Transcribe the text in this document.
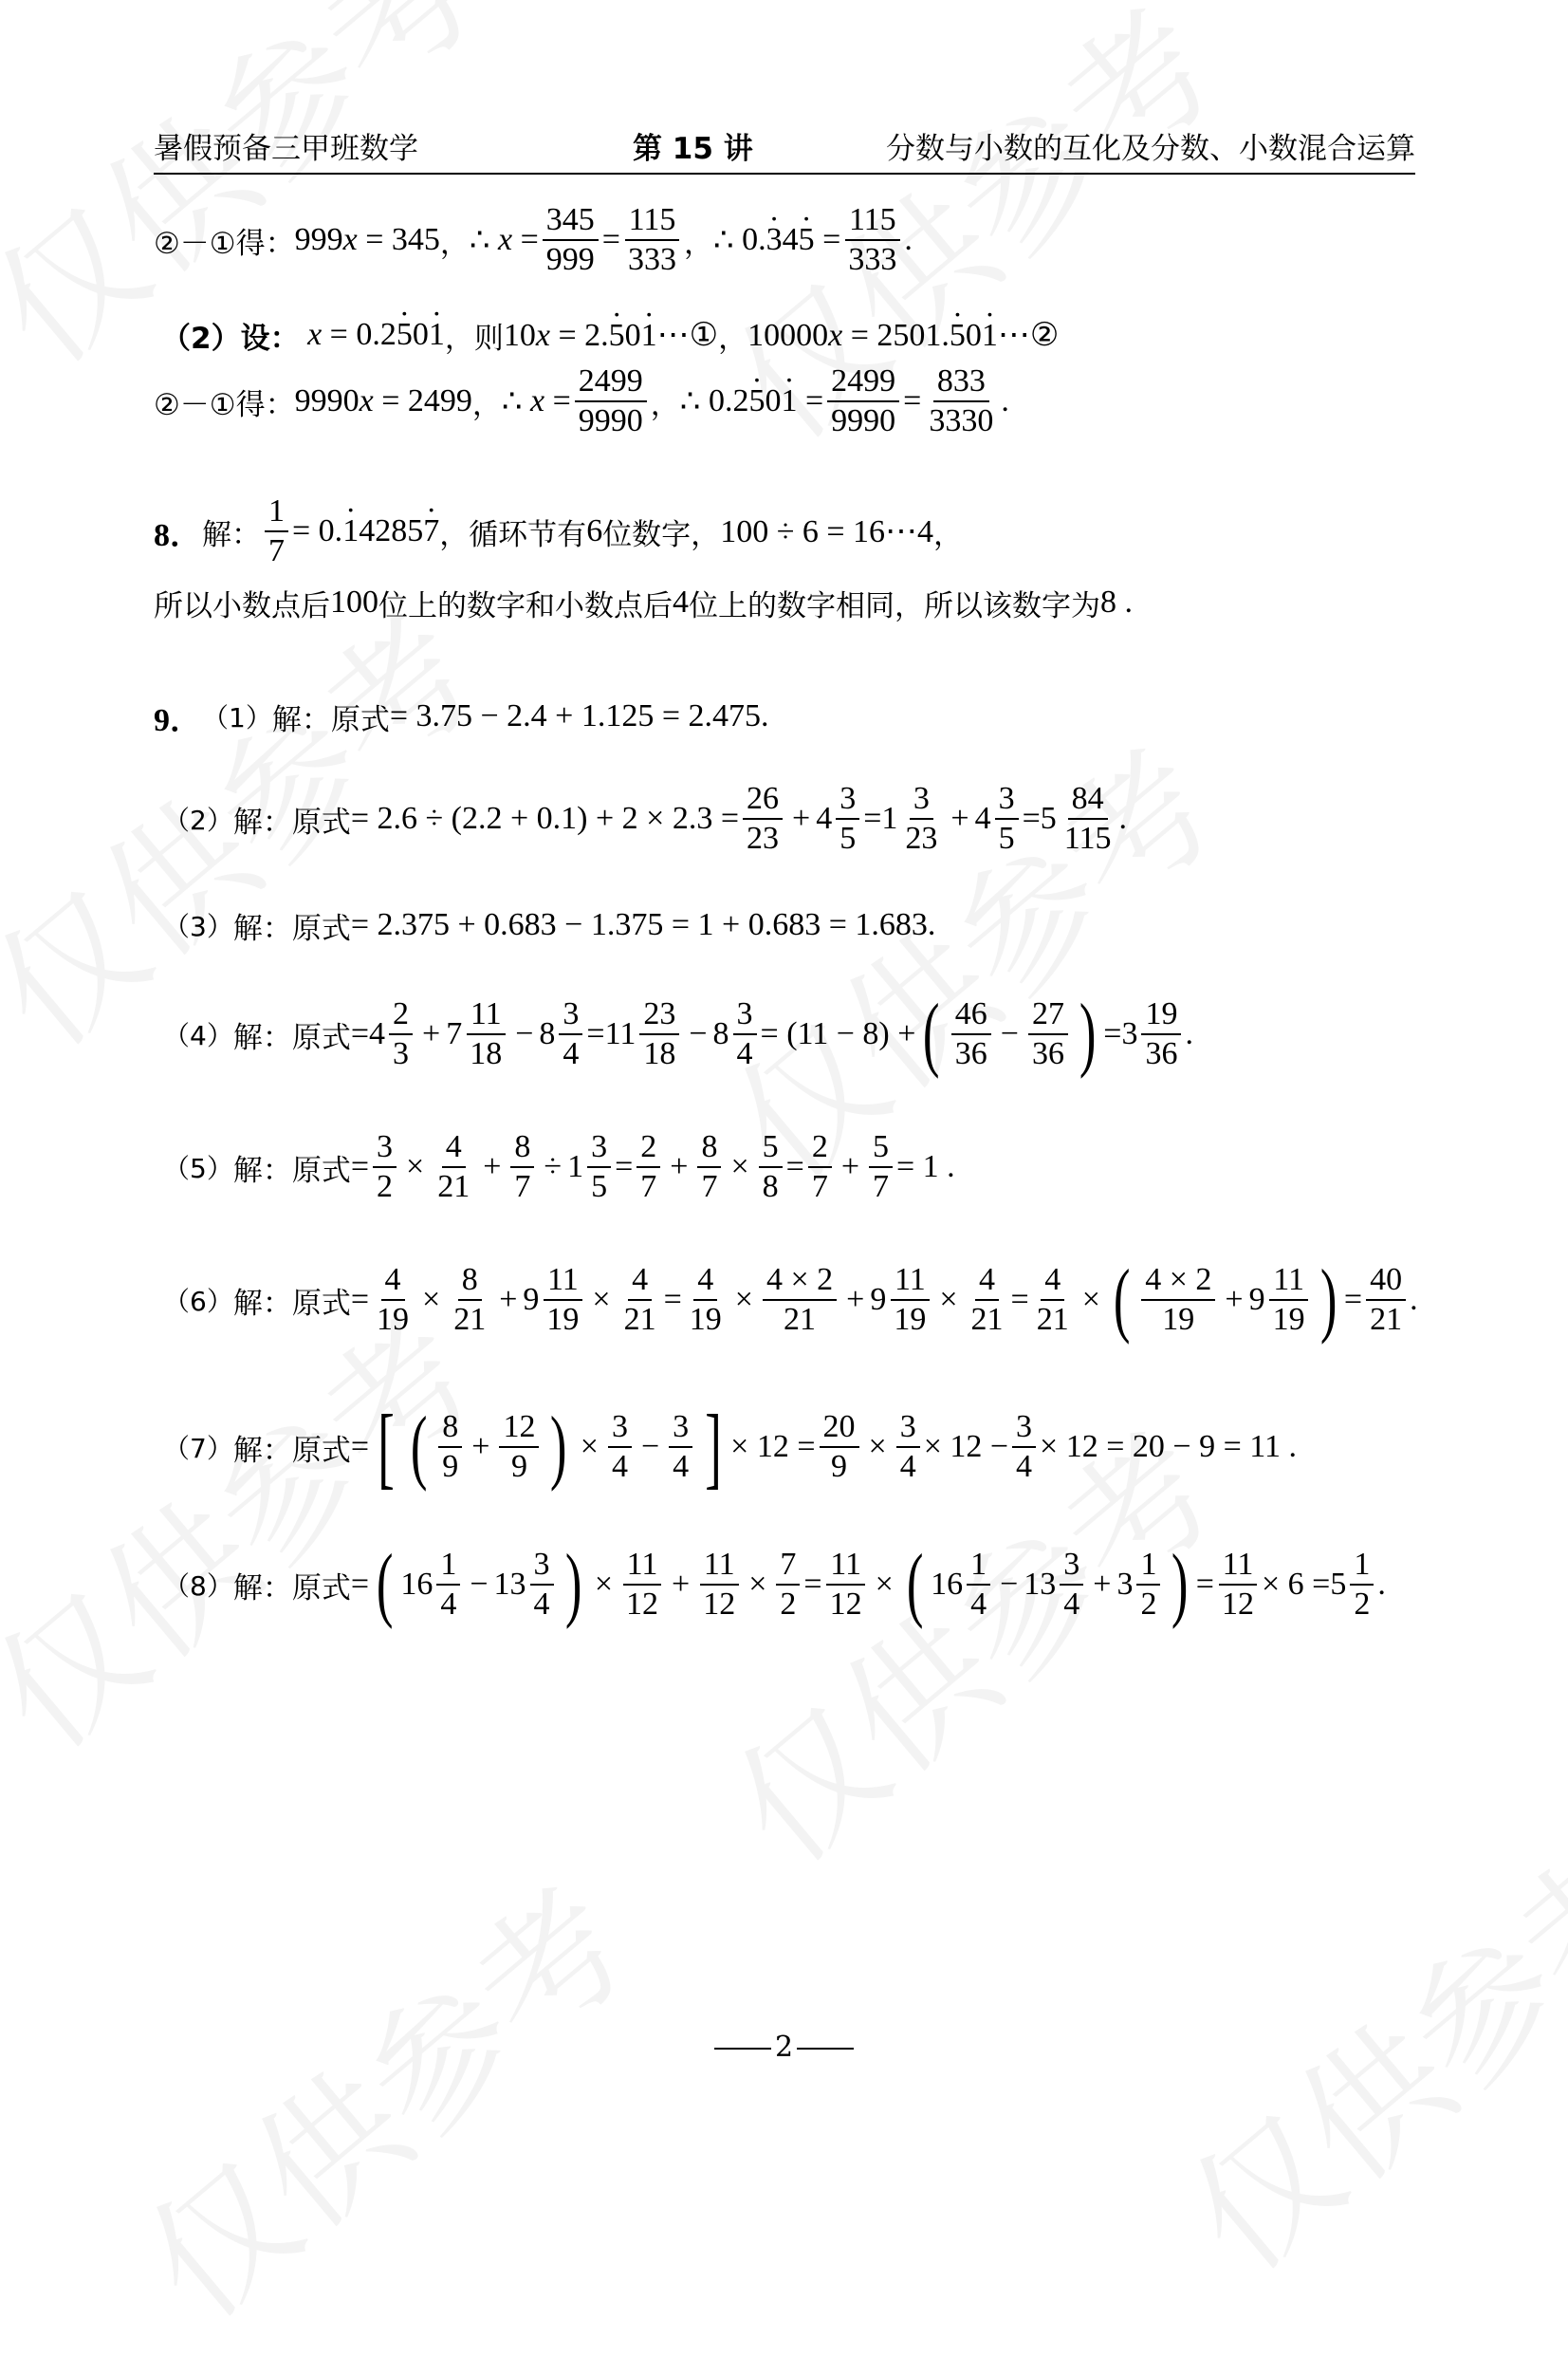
暑假预备三甲班数学	第 15 讲	分数与小数的互化及分数、小数混合运算
②－①得： 999x = 345 ， ∴ $x = \frac{345}{999} = \frac{115}{333}$ ， ∴ $0.\cdot 34\cdot 5 = \frac{115}{333}$ .
（2）设： x = 0.2· 50· 1 ，则 10x = 2.· 50· 1⋯① ， 10000x = 2501.· 50· 1⋯②
②－①得： 9990x = 2499 ， ∴ $x = \frac{2499}{9990}$ ， ∴ $0.2\cdot 50\cdot 1 = \frac{2499}{9990} = \frac{833}{3330}$ .
8． 解： $\frac{1}{7} = 0.\cdot 14285\cdot 7$ ，循环节有 6 位数字， 100 ÷ 6 = 16⋯4 ，
所以小数点后 100 位上的数字和小数点后 4 位上的数字相同，所以该数字为 8 .
9． （1） 解：原式 = 3.75 − 2.4 + 1.125 = 2.475 .
（2） 解：原式 = $2.6 \div (2.2 + 0.1) + 2 \times 2.3 = \frac{26}{23} + 4 \frac{3}{5} = 1 \frac{3}{23} + 4 \frac{3}{5} = 5 \frac{84}{115}$ .
（3） 解：原式 = 2.375 + 0.683 − 1.375 = 1 + 0.683 = 1.683 .
（4） 解：原式 = $4 \frac{2}{3} + 7 \frac{11}{18} - 8 \frac{3}{4} = 11 \frac{23}{18} - 8 \frac{3}{4} = (11 - 8)$ + ( $\frac{46}{36} - \frac{27}{36}$ ) = $3 \frac{19}{36}$ .
（5） 解：原式 = $\frac{3}{2} \times \frac{4}{21} + \frac{8}{7} \div 1 \frac{3}{5} = \frac{2}{7} + \frac{8}{7} \times \frac{5}{8} = \frac{2}{7} + \frac{5}{7} = 1$ .
（6） 解：原式 = $\frac{4}{19} \times \frac{8}{21} + 9 \frac{11}{19} \times \frac{4}{21} = \frac{4}{19} \times \frac{4 \times 2}{21} + 9 \frac{11}{19} \times \frac{4}{21} = \frac{4}{21}$ × ( $\frac{4 \times 2}{19} + 9 \frac{11}{19}$ ) = $\frac{40}{21}$ .
（7） 解：原式 = [ ( $\frac{8}{9} + \frac{12}{9}$ ) × $\frac{3}{4} - \frac{3}{4}$ ] × $12 = \frac{20}{9} \times \frac{3}{4} \times 12 - \frac{3}{4} \times 12 = 20 - 9 = 11$ .
（8） 解：原式 = ( $16 \frac{1}{4} - 13 \frac{3}{4}$ ) × $\frac{11}{12} + \frac{11}{12} \times \frac{7}{2} = \frac{11}{12}$ × ( $16 \frac{1}{4} - 13 \frac{3}{4} + 3 \frac{1}{2}$ ) = $\frac{11}{12} \times 6 = 5 \frac{1}{2}$ .
2
